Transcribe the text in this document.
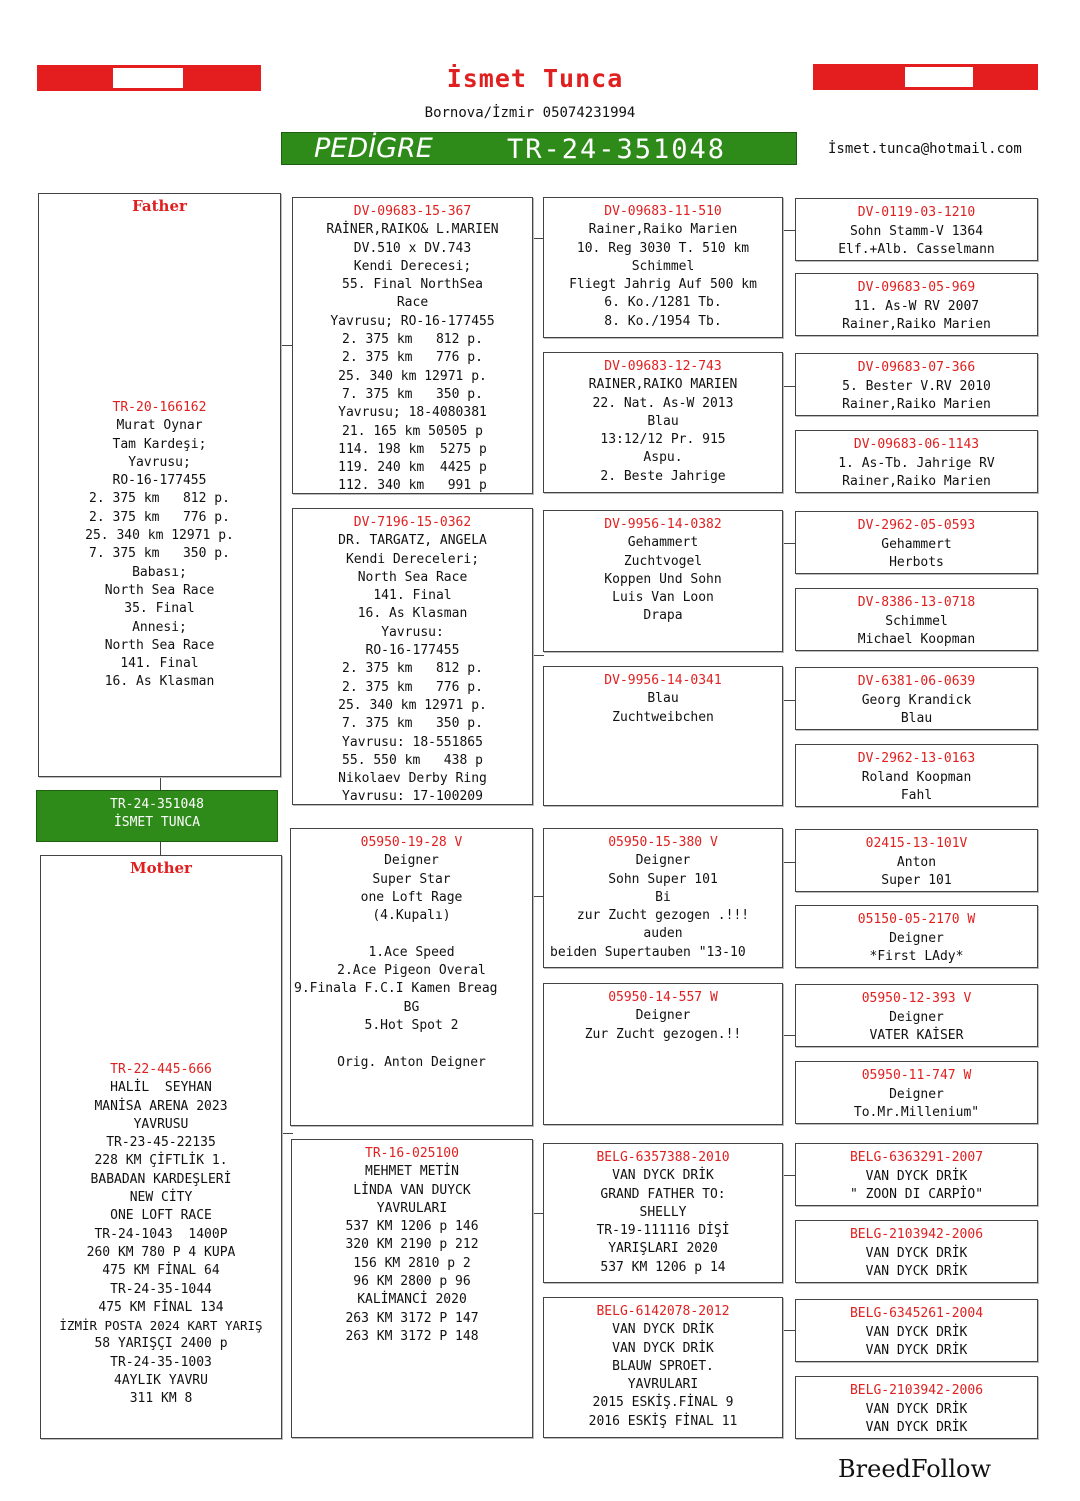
İsmet Tunca
Bornova/İzmir 05074231994
PEDİGRE	TR-24-351048	İsmet.tunca@hotmail.com
Father
TR-20-166162
Murat Oynar
Tam Kardeşi;
Yavrusu;
RO-16-177455
2. 375 km   812 p.
2. 375 km   776 p.
25. 340 km 12971 p.
7. 375 km   350 p.
Babası;
North Sea Race
35. Final
Annesi;
North Sea Race
141. Final
16. As Klasman
TR-24-351048
İSMET TUNCA
Mother
TR-22-445-666
HALİL  SEYHAN
MANİSA ARENA 2023
YAVRUSU
TR-23-45-22135
228 KM ÇİFTLİK 1.
BABADAN KARDEŞLERİ
NEW CİTY
ONE LOFT RACE
TR-24-1043  1400P
260 KM 780 P 4 KUPA
475 KM FİNAL 64
TR-24-35-1044
475 KM FİNAL 134
İZMİR POSTA 2024 KART YARIŞ
58 YARIŞÇI 2400 p
TR-24-35-1003
4AYLIK YAVRU
311 KM 8
DV-09683-15-367
RAİNER,RAIKO& L.MARIEN
DV.510 x DV.743
Kendi Derecesi;
55. Final NorthSea
Race
Yavrusu; RO-16-177455
2. 375 km   812 p.
2. 375 km   776 p.
25. 340 km 12971 p.
7. 375 km   350 p.
Yavrusu; 18-4080381
21. 165 km 50505 p
114. 198 km  5275 p
119. 240 km  4425 p
112. 340 km   991 p
DV-7196-15-0362
DR. TARGATZ, ANGELA
Kendi Dereceleri;
North Sea Race
141. Final
16. As Klasman
Yavrusu:
RO-16-177455
2. 375 km   812 p.
2. 375 km   776 p.
25. 340 km 12971 p.
7. 375 km   350 p.
Yavrusu: 18-551865
55. 550 km   438 p
Nikolaev Derby Ring
Yavrusu: 17-100209
05950-19-28 V
Deigner
Super Star
one Loft Rage
(4.Kupalı)

1.Ace Speed
2.Ace Pigeon Overal
9.Finala F.C.I Kamen Breag
BG
5.Hot Spot 2

Orig. Anton Deigner
TR-16-025100
MEHMET METİN
LİNDA VAN DUYCK
YAVRULARI
537 KM 1206 p 146
320 KM 2190 p 212
156 KM 2810 p 2
96 KM 2800 p 96
KALİMANCİ 2020
263 KM 3172 P 147
263 KM 3172 P 148
DV-09683-11-510
Rainer,Raiko Marien
10. Reg 3030 T. 510 km
Schimmel
Fliegt Jahrig Auf 500 km
6. Ko./1281 Tb.
8. Ko./1954 Tb.
DV-09683-12-743
RAINER,RAIKO MARIEN
22. Nat. As-W 2013
Blau
13:12/12 Pr. 915
Aspu.
2. Beste Jahrige
DV-9956-14-0382
Gehammert
Zuchtvogel
Koppen Und Sohn
Luis Van Loon
Drapa
DV-9956-14-0341
Blau
Zuchtweibchen
05950-15-380 V
Deigner
Sohn Super 101
Bi
zur Zucht gezogen .!!!
auden
beiden Supertauben "13-10
05950-14-557 W
Deigner
Zur Zucht gezogen.!!
BELG-6357388-2010
VAN DYCK DRİK
GRAND FATHER TO:
SHELLY
TR-19-111116 DİŞİ
YARIŞLARI 2020
537 KM 1206 p 14
BELG-6142078-2012
VAN DYCK DRİK
VAN DYCK DRİK
BLAUW SPROET.
YAVRULARI
2015 ESKİŞ.FİNAL 9
2016 ESKİŞ FİNAL 11
DV-0119-03-1210
Sohn Stamm-V 1364
Elf.+Alb. Casselmann
DV-09683-05-969
11. As-W RV 2007
Rainer,Raiko Marien
DV-09683-07-366
5. Bester V.RV 2010
Rainer,Raiko Marien
DV-09683-06-1143
1. As-Tb. Jahrige RV
Rainer,Raiko Marien
DV-2962-05-0593
Gehammert
Herbots
DV-8386-13-0718
Schimmel
Michael Koopman
DV-6381-06-0639
Georg Krandick
Blau
DV-2962-13-0163
Roland Koopman
Fahl
02415-13-101V
Anton
Super 101
05150-05-2170 W
Deigner
*First LAdy*
05950-12-393 V
Deigner
VATER KAİSER
05950-11-747 W
Deigner
To.Mr.Millenium"
BELG-6363291-2007
VAN DYCK DRİK
" ZOON DI CARPİO"
BELG-2103942-2006
VAN DYCK DRİK
VAN DYCK DRİK
BELG-6345261-2004
VAN DYCK DRİK
VAN DYCK DRİK
BELG-2103942-2006
VAN DYCK DRİK
VAN DYCK DRİK
BreedFollow
